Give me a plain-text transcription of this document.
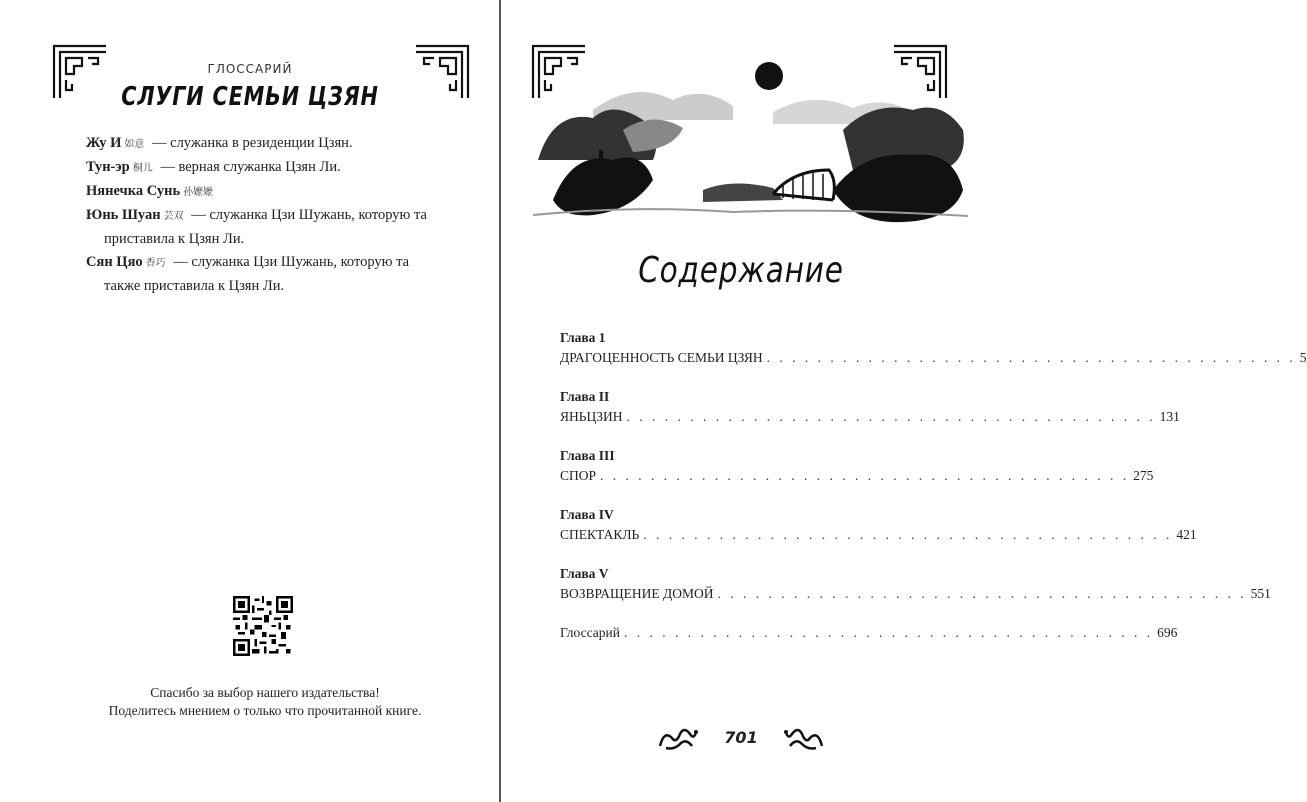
ГЛОССАРИЙ
СЛУГИ СЕМЬИ ЦЗЯН
Жу И 如意 — служанка в резиденции Цзян.
Тун-эр 桐儿 — верная служанка Цзян Ли.
Нянечка Сунь 孙嬷嬷
Юнь Шуан 芸双 — служанка Цзи Шужань, которую та
приставила к Цзян Ли.
Сян Цяо 香巧 — служанка Цзи Шужань, которую та
также приставила к Цзян Ли.
Спасибо за выбор нашего издательства!
Поделитесь мнением о только что прочитанной книге.
Содержание
Глава 1
ДРАГОЦЕННОСТЬ СЕМЬИ ЦЗЯН . . . . . . . . . . . . . . . . . . . . . . . . . . . . . . . . . . . . . . . . . . 5
Глава II
ЯНЬЦЗИН . . . . . . . . . . . . . . . . . . . . . . . . . . . . . . . . . . . . . . . . . . 131
Глава III
СПОР . . . . . . . . . . . . . . . . . . . . . . . . . . . . . . . . . . . . . . . . . . 275
Глава IV
СПЕКТАКЛЬ . . . . . . . . . . . . . . . . . . . . . . . . . . . . . . . . . . . . . . . . . . 421
Глава V
ВОЗВРАЩЕНИЕ ДОМОЙ . . . . . . . . . . . . . . . . . . . . . . . . . . . . . . . . . . . . . . . . . . 551
Глоссарий . . . . . . . . . . . . . . . . . . . . . . . . . . . . . . . . . . . . . . . . . . 696
701
